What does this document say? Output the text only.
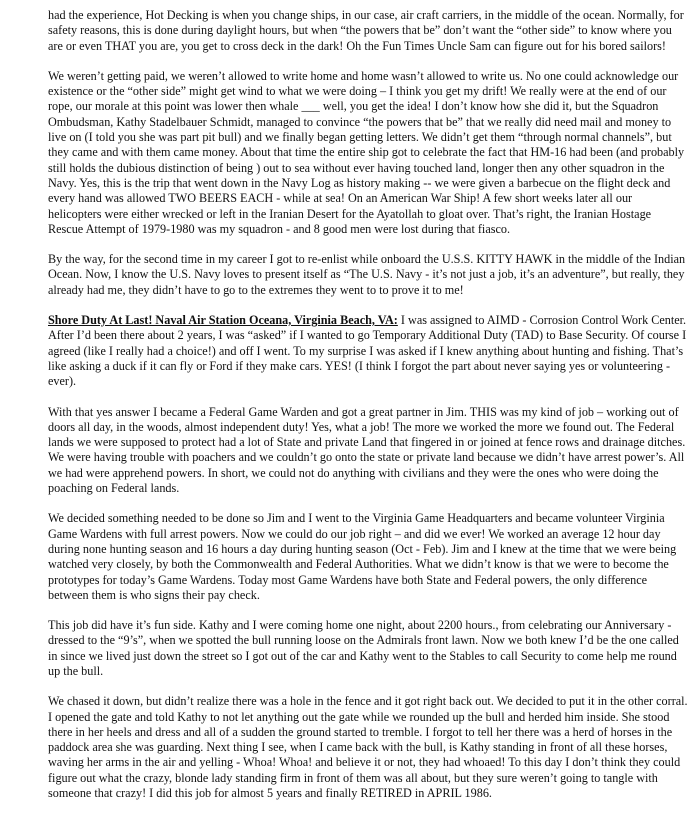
had the experience, Hot Decking is when you change ships, in our case, air craft carriers, in the middle of the ocean. Normally, for safety reasons, this is done during daylight hours, but when “the powers that be” don’t want the “other side” to know where you are or even THAT you are, you get to cross deck in the dark! Oh the Fun Times Uncle Sam can figure out for his bored sailors!

We weren’t getting paid, we weren’t allowed to write home and home wasn’t allowed to write us. No one could acknowledge our existence or the “other side” might get wind to what we were doing – I think you get my drift! We really were at the end of our rope, our morale at this point was lower then whale ___ well, you get the idea! I don’t know how she did it, but the Squadron Ombudsman, Kathy Stadelbauer Schmidt, managed to convince “the powers that be” that we really did need mail and money to live on (I told you she was part pit bull) and we finally began getting letters. We didn’t get them “through normal channels”, but they came and with them came money. About that time the entire ship got to celebrate the fact that HM-16 had been (and probably still holds the dubious distinction of being ) out to sea without ever having touched land, longer then any other squadron in the Navy. Yes, this is the trip that went down in the Navy Log as history making -- we were given a barbecue on the flight deck and every hand was allowed TWO BEERS EACH - while at sea! On an American War Ship! A few short weeks later all our helicopters were either wrecked or left in the Iranian Desert for the Ayatollah to gloat over. That’s right, the Iranian Hostage Rescue Attempt of 1979-1980 was my squadron - and 8 good men were lost during that fiasco.

By the way, for the second time in my career I got to re-enlist while onboard the U.S.S. KITTY HAWK in the middle of the Indian Ocean. Now, I know the U.S. Navy loves to present itself as “The U.S. Navy - it’s not just a job, it’s an adventure”, but really, they already had me, they didn’t have to go to the extremes they went to to prove it to me!

Shore Duty At Last! Naval Air Station Oceana, Virginia Beach, VA: I was assigned to AIMD - Corrosion Control Work Center. After I’d been there about 2 years, I was “asked” if I wanted to go Temporary Additional Duty (TAD) to Base Security. Of course I agreed (like I really had a choice!) and off I went. To my surprise I was asked if I knew anything about hunting and fishing. That’s like asking a duck if it can fly or Ford if they make cars. YES! (I think I forgot the part about never saying yes or volunteering - ever).

With that yes answer I became a Federal Game Warden and got a great partner in Jim. THIS was my kind of job – working out of doors all day, in the woods, almost independent duty! Yes, what a job! The more we worked the more we found out. The Federal lands we were supposed to protect had a lot of State and private Land that fingered in or joined at fence rows and drainage ditches. We were having trouble with poachers and we couldn’t go onto the state or private land because we didn’t have arrest power’s. All we had were apprehend powers. In short, we could not do anything with civilians and they were the ones who were doing the poaching on Federal lands.

We decided something needed to be done so Jim and I went to the Virginia Game Headquarters and became volunteer Virginia Game Wardens with full arrest powers. Now we could do our job right – and did we ever! We worked an average 12 hour day during none hunting season and 16 hours a day during hunting season (Oct - Feb). Jim and I knew at the time that we were being watched very closely, by both the Commonwealth and Federal Authorities. What we didn’t know is that we were to become the prototypes for today’s Game Wardens. Today most Game Wardens have both State and Federal powers, the only difference between them is who signs their pay check.

This job did have it’s fun side. Kathy and I were coming home one night, about 2200 hours., from celebrating our Anniversary - dressed to the “9’s”, when we spotted the bull running loose on the Admirals front lawn. Now we both knew I’d be the one called in since we lived just down the street so I got out of the car and Kathy went to the Stables to call Security to come help me round up the bull.

We chased it down, but didn’t realize there was a hole in the fence and it got right back out. We decided to put it in the other corral. I opened the gate and told Kathy to not let anything out the gate while we rounded up the bull and herded him inside. She stood there in her heels and dress and all of a sudden the ground started to tremble. I forgot to tell her there was a herd of horses in the paddock area she was guarding. Next thing I see, when I came back with the bull, is Kathy standing in front of all these horses, waving her arms in the air and yelling - Whoa! Whoa! and believe it or not, they had whoaed! To this day I don’t think they could figure out what the crazy, blonde lady standing firm in front of them was all about, but they sure weren’t going to tangle with someone that crazy! I did this job for almost 5 years and finally RETIRED in APRIL 1986.
